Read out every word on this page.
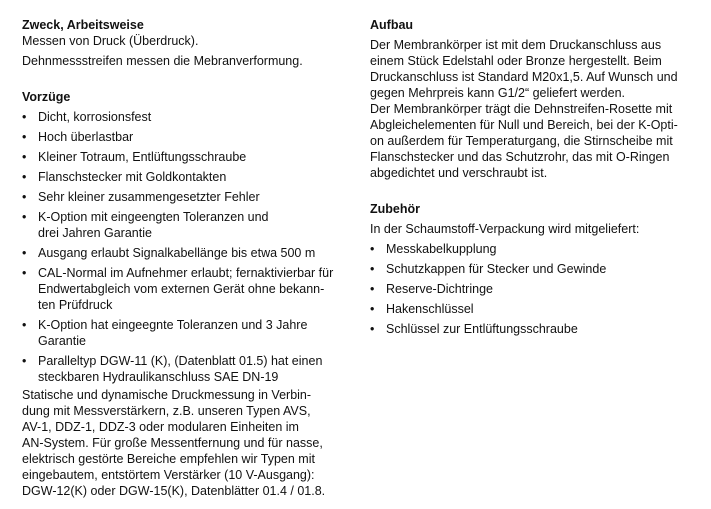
Zweck, Arbeitsweise

Messen von Druck (Überdruck).

Dehnmessstreifen messen die Mebranverformung.

Vorzüge
• Dicht, korrosionsfest
• Hoch überlastbar
• Kleiner Totraum, Entlüftungsschraube
• Flanschstecker mit Goldkontakten
• Sehr kleiner zusammengesetzter Fehler
• K-Option mit eingeengten Toleranzen und
drei Jahren Garantie
• Ausgang erlaubt Signalkabellänge bis etwa 500 m
• CAL-Normal im Aufnehmer erlaubt; fernaktivierbar für
Endwertabgleich vom externen Gerät ohne bekann-
ten Prüfdruck
• K-Option hat eingeegnte Toleranzen und 3 Jahre
Garantie
• Paralleltyp DGW-11 (K), (Datenblatt 01.5) hat einen
steckbaren Hydraulikanschluss SAE DN-19

Statische und dynamische Druckmessung in Verbin-
dung mit Messverstärkern, z.B. unseren Typen AVS,
AV-1, DDZ-1, DDZ-3 oder modularen Einheiten im
AN-System. Für große Messentfernung und für nasse,
elektrisch gestörte Bereiche empfehlen wir Typen mit
eingebautem, entstörtem Verstärker (10 V-Ausgang):
DGW-12(K) oder DGW-15(K), Datenblätter 01.4 / 01.8.

Aufbau

Der Membrankörper ist mit dem Druckanschluss aus
einem Stück Edelstahl oder Bronze hergestellt. Beim
Druckanschluss ist Standard M20x1,5. Auf Wunsch und
gegen Mehrpreis kann G1/2“ geliefert werden.
Der Membrankörper trägt die Dehnstreifen-Rosette mit
Abgleichelementen für Null und Bereich, bei der K-Opti-
on außerdem für Temperaturgang, die Stirnscheibe mit
Flanschstecker und das Schutzrohr, das mit O-Ringen
abgedichtet und verschraubt ist.

Zubehör

In der Schaumstoff-Verpackung wird mitgeliefert:

• Messkabelkupplung
• Schutzkappen für Stecker und Gewinde
• Reserve-Dichtringe
• Hakenschlüssel
• Schlüssel zur Entlüftungsschraube
